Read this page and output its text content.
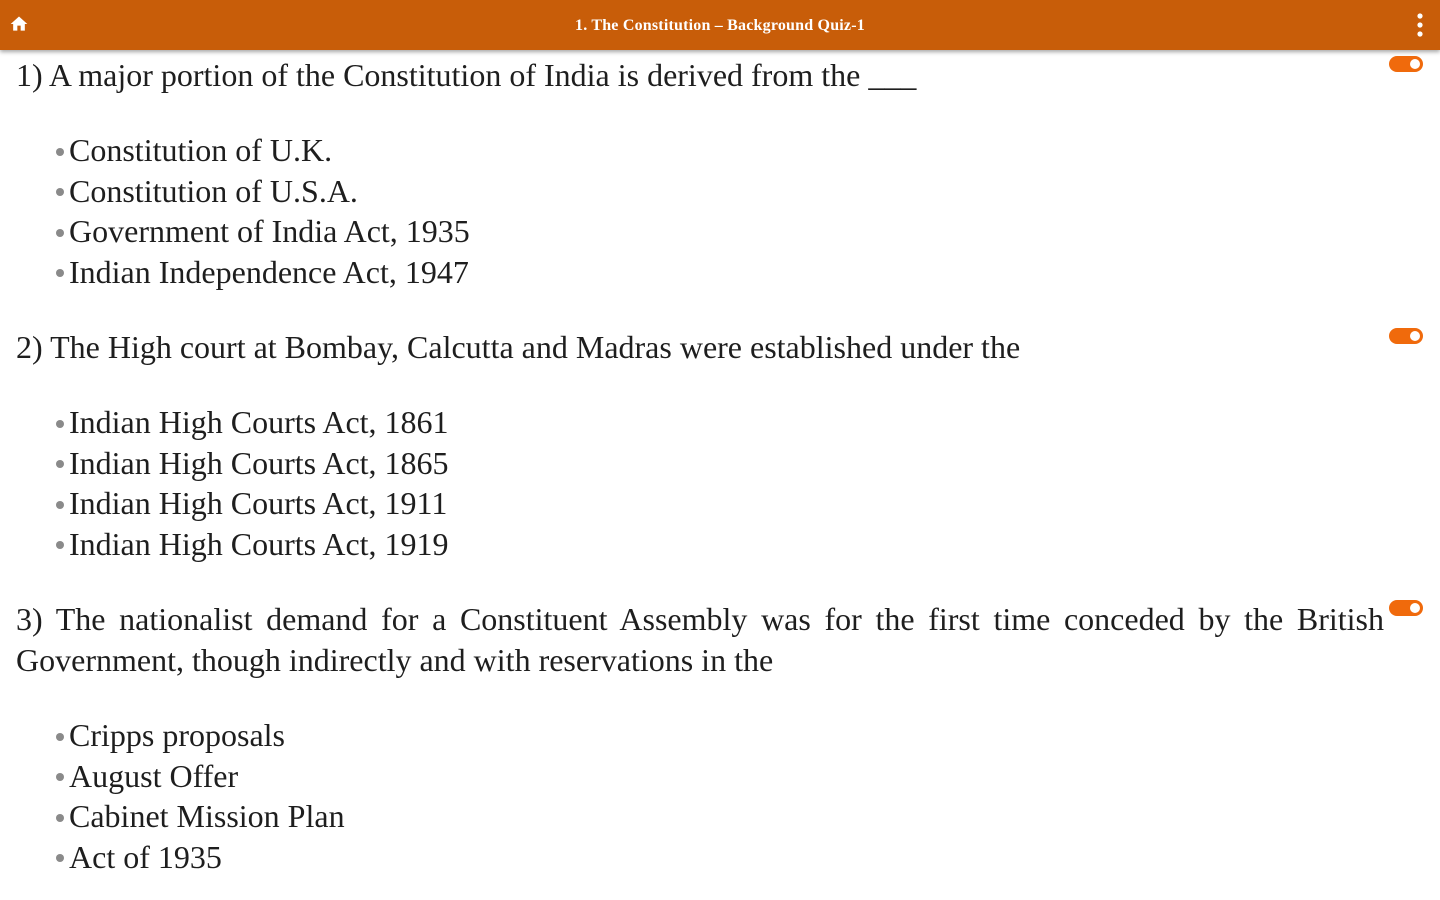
1. The Constitution – Background Quiz-1

1) A major portion of the Constitution of India is derived from the ___

Constitution of U.K.
Constitution of U.S.A.
Government of India Act, 1935
Indian Independence Act, 1947

2) The High court at Bombay, Calcutta and Madras were established under the

Indian High Courts Act, 1861
Indian High Courts Act, 1865
Indian High Courts Act, 1911
Indian High Courts Act, 1919

3) The nationalist demand for a Constituent Assembly was for the first time conceded by the British Government, though indirectly and with reservations in the

Cripps proposals
August Offer
Cabinet Mission Plan
Act of 1935
